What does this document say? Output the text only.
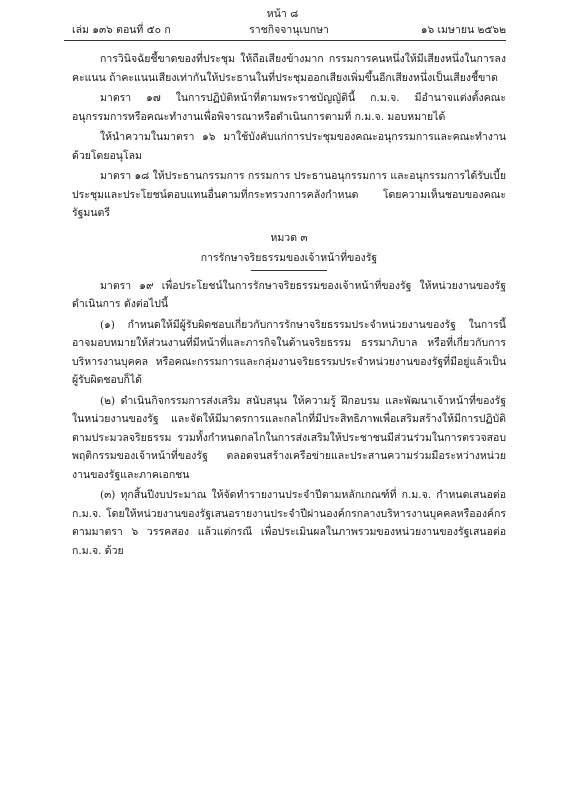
หน้า ๘
เล่ม ๑๓๖ ตอนที่ ๕๐ ก	ราชกิจจานุเบกษา	๑๖ เมษายน ๒๕๖๒

การวินิจฉัยชี้ขาดของที่ประชุม ให้ถือเสียงข้างมาก กรรมการคนหนึ่งให้มีเสียงหนึ่งในการลงคะแนน ถ้าคะแนนเสียงเท่ากันให้ประธานในที่ประชุมออกเสียงเพิ่มขึ้นอีกเสียงหนึ่งเป็นเสียงชี้ขาด

มาตรา ๑๗ ในการปฏิบัติหน้าที่ตามพระราชบัญญัตินี้ ก.ม.จ. มีอำนาจแต่งตั้งคณะอนุกรรมการหรือคณะทำงานเพื่อพิจารณาหรือดำเนินการตามที่ ก.ม.จ. มอบหมายได้

ให้นำความในมาตรา ๑๖ มาใช้บังคับแก่การประชุมของคณะอนุกรรมการและคณะทำงานด้วยโดยอนุโลม

มาตรา ๑๘ ให้ประธานกรรมการ กรรมการ ประธานอนุกรรมการ และอนุกรรมการได้รับเบี้ยประชุมและประโยชน์ตอบแทนอื่นตามที่กระทรวงการคลังกำหนด โดยความเห็นชอบของคณะรัฐมนตรี

หมวด ๓

การรักษาจริยธรรมของเจ้าหน้าที่ของรัฐ

มาตรา ๑๙ เพื่อประโยชน์ในการรักษาจริยธรรมของเจ้าหน้าที่ของรัฐ ให้หน่วยงานของรัฐดำเนินการ ดังต่อไปนี้

(๑) กำหนดให้มีผู้รับผิดชอบเกี่ยวกับการรักษาจริยธรรมประจำหน่วยงานของรัฐ ในการนี้อาจมอบหมายให้ส่วนงานที่มีหน้าที่และภารกิจในด้านจริยธรรม ธรรมาภิบาล หรือที่เกี่ยวกับการบริหารงานบุคคล หรือคณะกรรมการและกลุ่มงานจริยธรรมประจำหน่วยงานของรัฐที่มีอยู่แล้วเป็นผู้รับผิดชอบก็ได้

(๒) ดำเนินกิจกรรมการส่งเสริม สนับสนุน ให้ความรู้ ฝึกอบรม และพัฒนาเจ้าหน้าที่ของรัฐในหน่วยงานของรัฐ และจัดให้มีมาตรการและกลไกที่มีประสิทธิภาพเพื่อเสริมสร้างให้มีการปฏิบัติตามประมวลจริยธรรม รวมทั้งกำหนดกลไกในการส่งเสริมให้ประชาชนมีส่วนร่วมในการตรวจสอบพฤติกรรมของเจ้าหน้าที่ของรัฐ ตลอดจนสร้างเครือข่ายและประสานความร่วมมือระหว่างหน่วยงานของรัฐและภาคเอกชน

(๓) ทุกสิ้นปีงบประมาณ ให้จัดทำรายงานประจำปีตามหลักเกณฑ์ที่ ก.ม.จ. กำหนดเสนอต่อ ก.ม.จ. โดยให้หน่วยงานของรัฐเสนอรายงานประจำปีผ่านองค์กรกลางบริหารงานบุคคลหรือองค์กรตามมาตรา ๖ วรรคสอง แล้วแต่กรณี เพื่อประเมินผลในภาพรวมของหน่วยงานของรัฐเสนอต่อ ก.ม.จ. ด้วย
